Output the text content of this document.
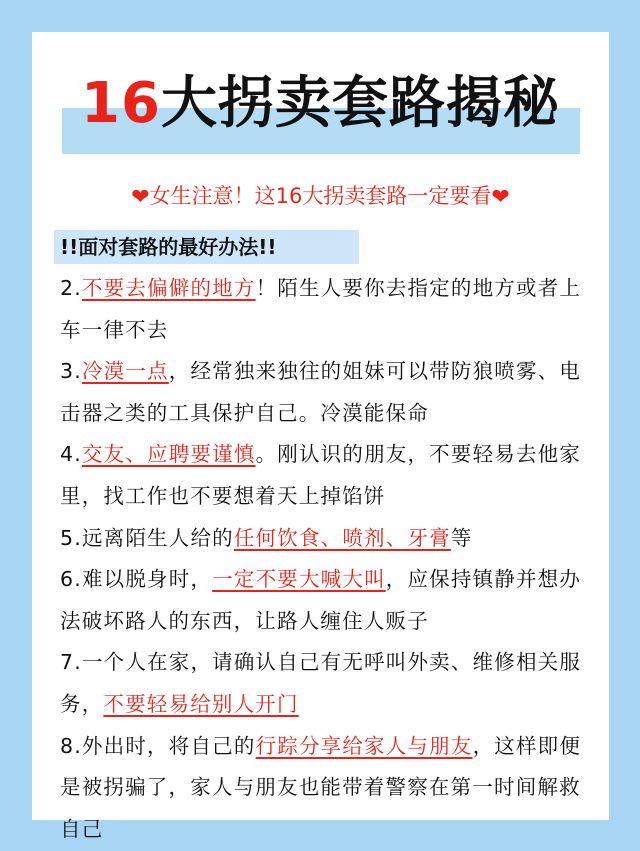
16大拐卖套路揭秘
❤女生注意！这16大拐卖套路一定要看❤
!!面对套路的最好办法!!

2.不要去偏僻的地方！陌生人要你去指定的地方或者上车一律不去

3.冷漠一点，经常独来独往的姐妹可以带防狼喷雾、电击器之类的工具保护自己。冷漠能保命

4.交友、应聘要谨慎。刚认识的朋友，不要轻易去他家里，找工作也不要想着天上掉馅饼

5.远离陌生人给的任何饮食、喷剂、牙膏等

6.难以脱身时，一定不要大喊大叫，应保持镇静并想办法破坏路人的东西，让路人缠住人贩子

7.一个人在家，请确认自己有无呼叫外卖、维修相关服务，不要轻易给别人开门

8.外出时，将自己的行踪分享给家人与朋友，这样即便是被拐骗了，家人与朋友也能带着警察在第一时间解救自己
